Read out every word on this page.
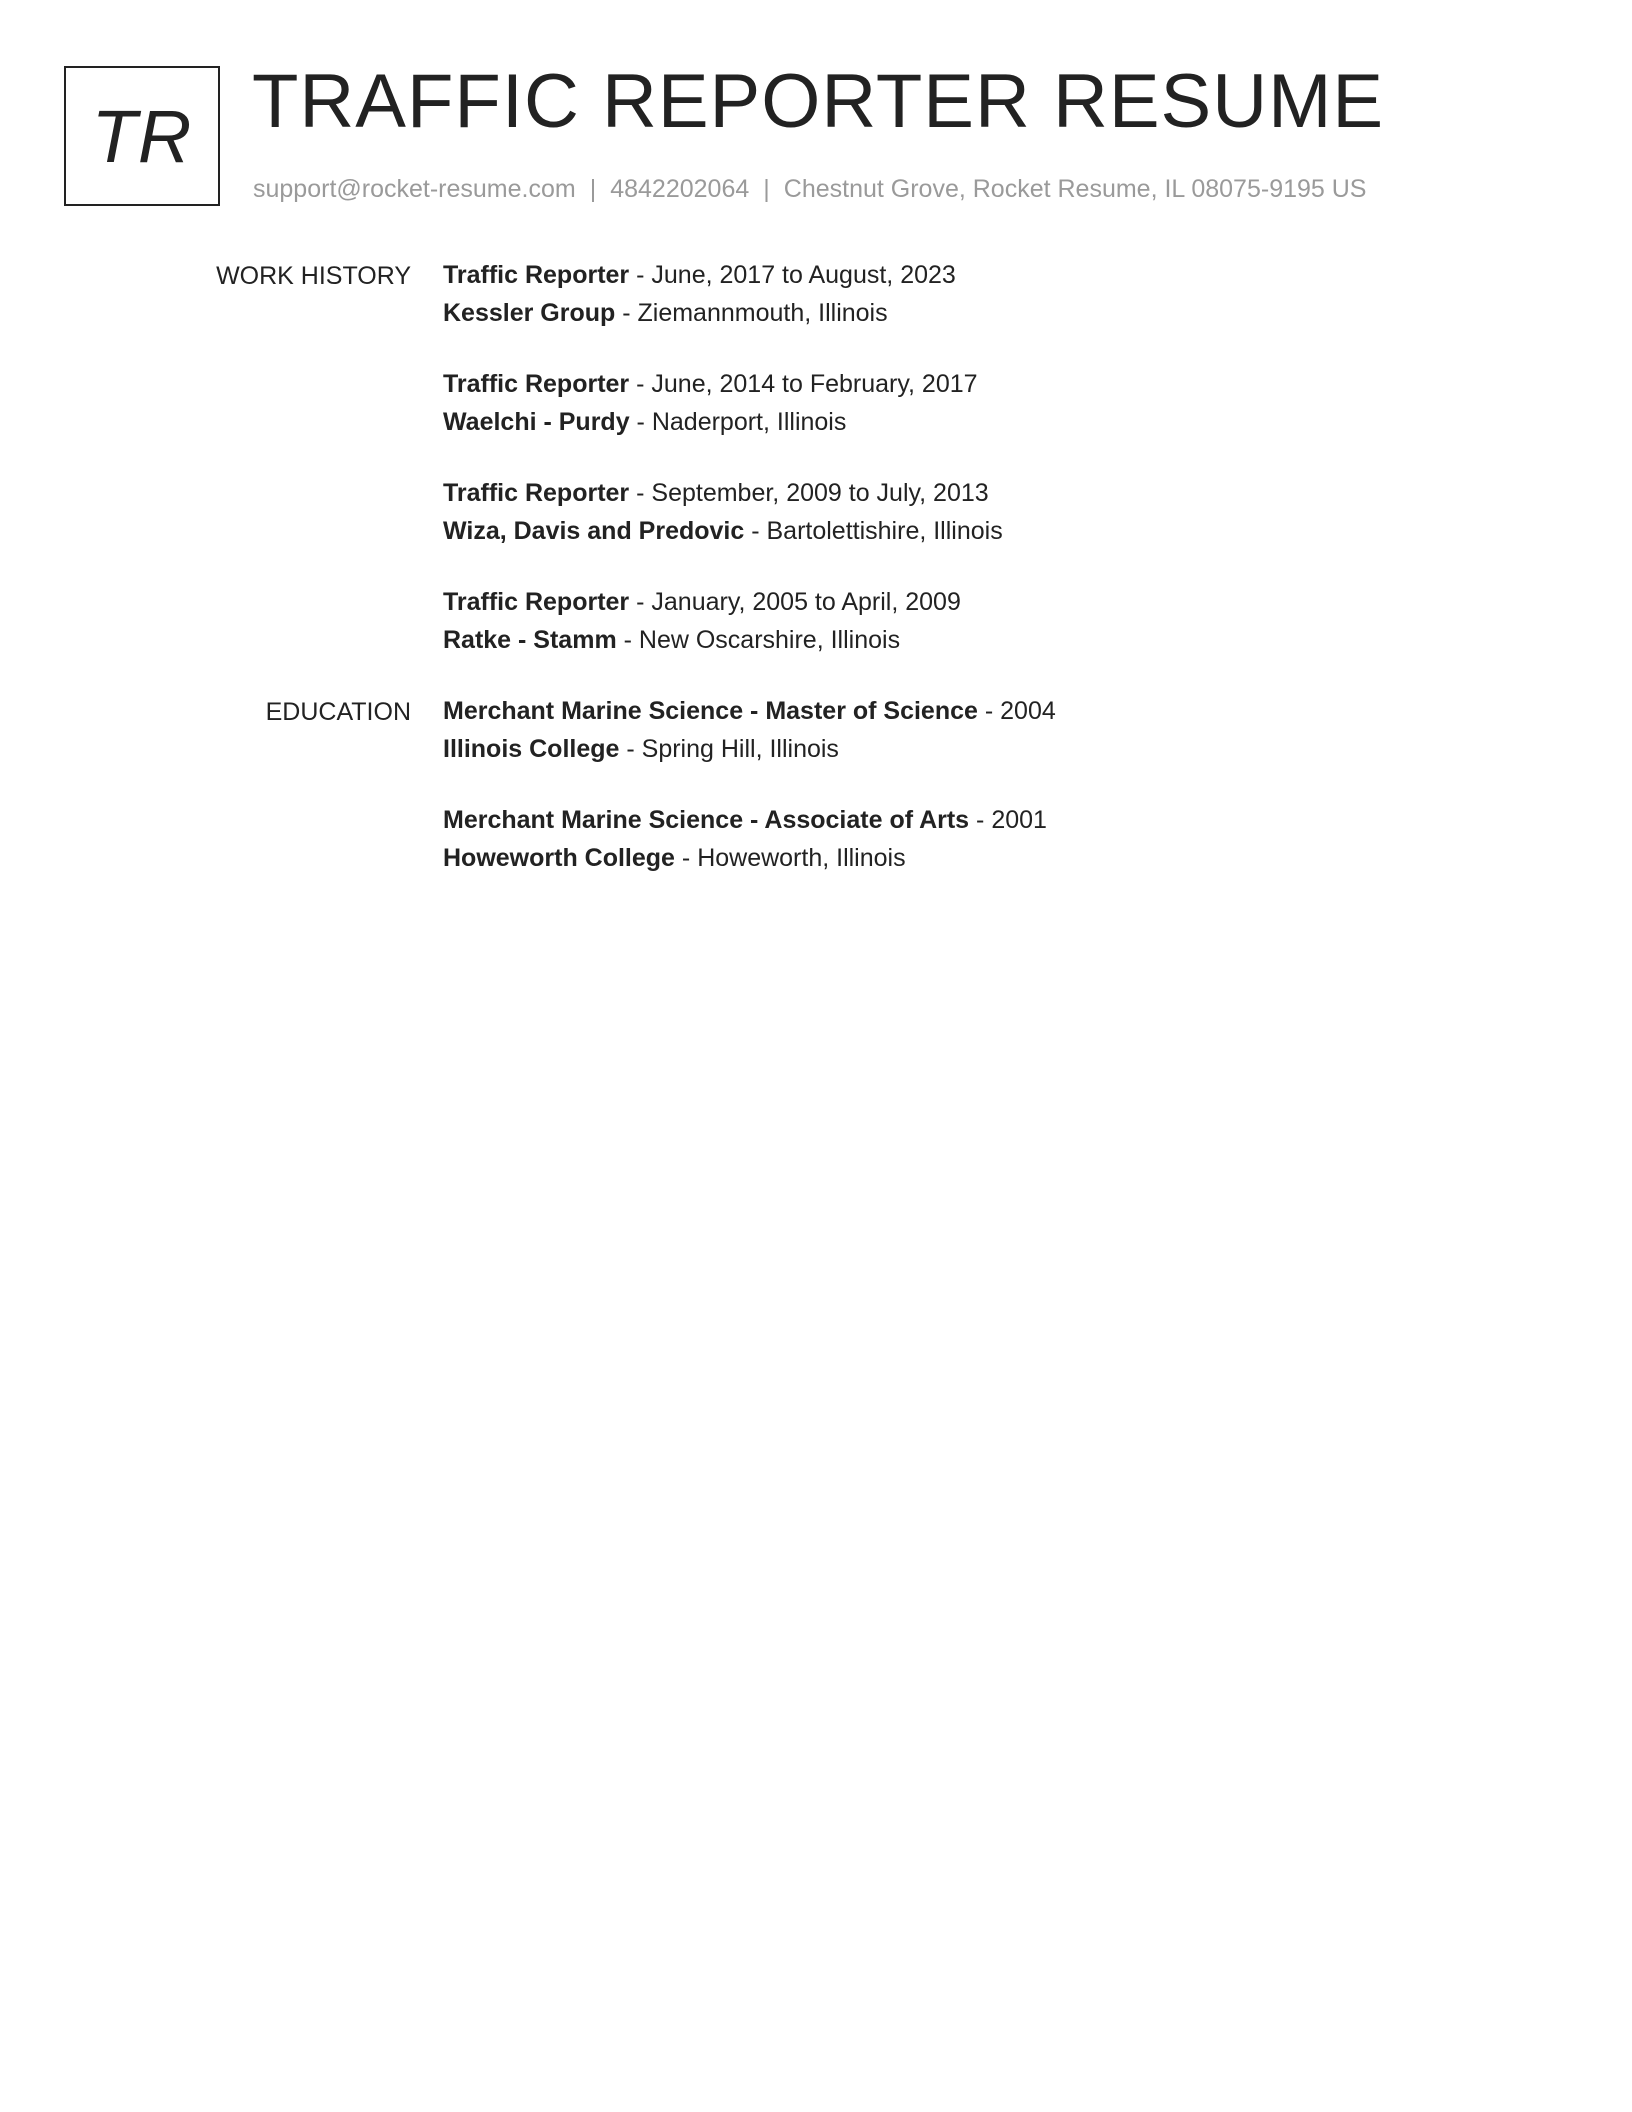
TR TRAFFIC REPORTER RESUME
support@rocket-resume.com | 4842202064 | Chestnut Grove, Rocket Resume, IL 08075-9195 US
WORK HISTORY Traffic Reporter - June, 2017 to August, 2023
Kessler Group - Ziemannmouth, Illinois
Traffic Reporter - June, 2014 to February, 2017
Waelchi - Purdy - Naderport, Illinois
Traffic Reporter - September, 2009 to July, 2013
Wiza, Davis and Predovic - Bartolettishire, Illinois
Traffic Reporter - January, 2005 to April, 2009
Ratke - Stamm - New Oscarshire, Illinois
EDUCATION Merchant Marine Science - Master of Science - 2004
Illinois College - Spring Hill, Illinois
Merchant Marine Science - Associate of Arts - 2001
Howeworth College - Howeworth, Illinois
